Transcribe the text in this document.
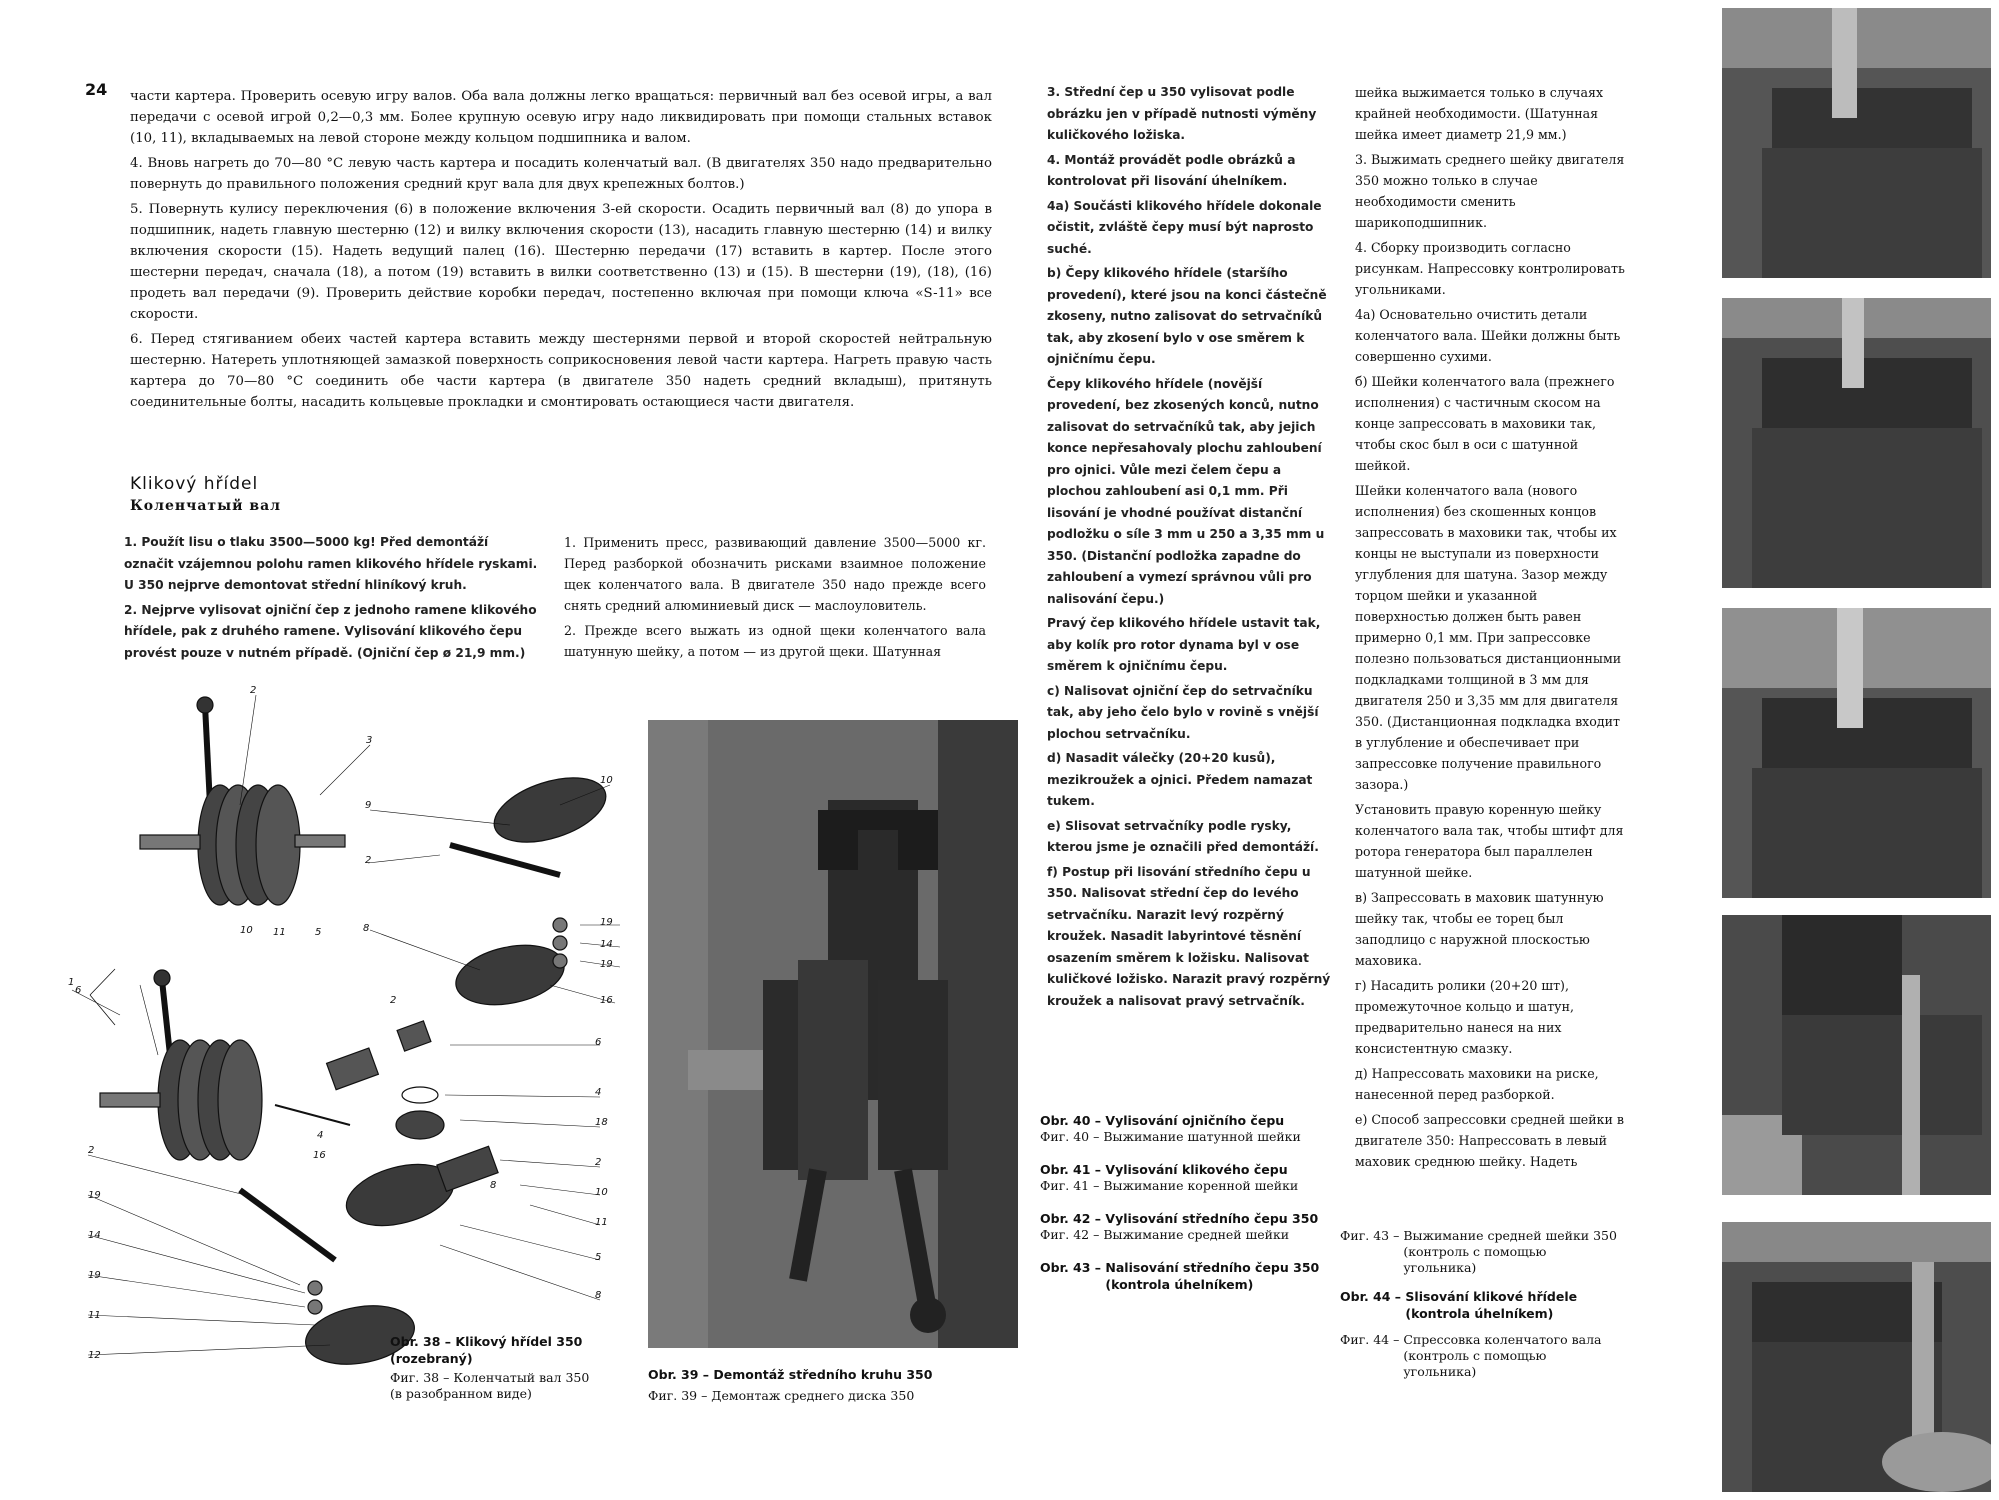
24 части картера. Проверить осевую игру валов. Оба вала должны легко вращаться: первичный вал без осевой игры, а вал передачи с осевой игрой 0,2—0,3 мм. Более крупную осевую игру надо ликвидировать при помощи стальных вставок (10, 11), вкладываемых на левой стороне между кольцом подшипника и валом.

4. Вновь нагреть до 70—80 °C левую часть картера и посадить коленчатый вал. (В двигателях 350 надо предварительно повернуть до правильного положения средний круг вала для двух крепежных болтов.)

5. Повернуть кулису переключения (6) в положение включения 3-ей скорости. Осадить первичный вал (8) до упора в подшипник, надеть главную шестерню (12) и вилку включения скорости (13), насадить главную шестерню (14) и вилку включения скорости (15). Надеть ведущий палец (16). Шестерню передачи (17) вставить в картер. После этого шестерни передач, сначала (18), а потом (19) вставить в вилки соответственно (13) и (15). В шестерни (19), (18), (16) продеть вал передачи (9). Проверить действие коробки передач, постепенно включая при помощи ключа «S-11» все скорости.

6. Перед стягиванием обеих частей картера вставить между шестернями первой и второй скоростей нейтральную шестерню. Натереть уплотняющей замазкой поверхность соприкосновения левой части картера. Нагреть правую часть картера до 70—80 °C соединить обе части картера (в двигателе 350 надеть средний вкладыш), притянуть соединительные болты, насадить кольцевые прокладки и смонтировать остающиеся части двигателя.

Klikový hřídel
Коленчатый вал

1. Použít lisu o tlaku 3500—5000 kg! Před demontáží označit vzájemnou polohu ramen klikového hřídele ryskami. U 350 nejprve demontovat střední hliníkový kruh.

2. Nejprve vylisovat ojniční čep z jednoho ramene klikového hřídele, pak z druhého ramene. Vylisování klikového čepu provést pouze v nutném případě. (Ojniční čep ø 21,9 mm.)

1. Применить пресс, развивающий давление 3500—5000 кг. Перед разборкой обозначить рисками взаимное положение щек коленчатого вала. В двигателе 350 надо прежде всего снять средний алюминиевый диск — маслоуловитель.

2. Прежде всего выжать из одной щеки коленчатого вала шатунную шейку, а потом — из другой щеки. Шатунная

2
3
6
10
9
2
8
19
14
19
16
10 11	5
1
2
6
4
18
2
10
11
5
8
4
8
2	16
19
14
19
11
12
Obr. 38 – Klikový hřídel 350 (rozebraný)
Фиг. 38 – Коленчатый вал 350 (в разобранном виде)
Obr. 39 – Demontáž středního kruhu 350
Фиг. 39 – Демонтаж среднего диска 350

3. Střední čep u 350 vylisovat podle obrázku jen v případě nutnosti výměny kuličkového ložiska.

4. Montáž provádět podle obrázků a kontrolovat při lisování úhelníkem.

4a) Součásti klikového hřídele dokonale očistit, zvláště čepy musí být naprosto suché.

b) Čepy klikového hřídele (staršího provedení), které jsou na konci částečně zkoseny, nutno zalisovat do setrvačníků tak, aby zkosení bylo v ose směrem k ojničnímu čepu.

Čepy klikového hřídele (novější provedení, bez zkosených konců, nutno zalisovat do setrvačníků tak, aby jejich konce nepřesahovaly plochu zahloubení pro ojnici. Vůle mezi čelem čepu a plochou zahloubení asi 0,1 mm. Při lisování je vhodné používat distanční podložku o síle 3 mm u 250 a 3,35 mm u 350. (Distanční podložka zapadne do zahloubení a vymezí správnou vůli pro nalisování čepu.)

Pravý čep klikového hřídele ustavit tak, aby kolík pro rotor dynama byl v ose směrem k ojničnímu čepu.

c) Nalisovat ojniční čep do setrvačníku tak, aby jeho čelo bylo v rovině s vnější plochou setrvačníku.

d) Nasadit válečky (20+20 kusů), mezikroužek a ojnici. Předem namazat tukem.

e) Slisovat setrvačníky podle rysky, kterou jsme je označili před demontáží.

f) Postup při lisování středního čepu u 350. Nalisovat střední čep do levého setrvačníku. Narazit levý rozpěrný kroužek. Nasadit labyrintové těsnění osazením směrem k ložisku. Nalisovat kuličkové ložisko. Narazit pravý rozpěrný kroužek a nalisovat pravý setrvačník.

Obr. 40 – Vylisování ojničního čepu
Фиг. 40 – Выжимание шатунной шейки
Obr. 41 – Vylisování klikového čepu
Фиг. 41 – Выжимание коренной шейки
Obr. 42 – Vylisování středního čepu 350
Фиг. 42 – Выжимание средней шейки
Obr. 43 – Nalisování středního čepu 350 (kontrola úhelníkem)

шейка выжимается только в случаях крайней необходимости. (Шатунная шейка имеет диаметр 21,9 мм.)

3. Выжимать среднего шейку двигателя 350 можно только в случае необходимости сменить шарикоподшипник.

4. Сборку производить согласно рисункам. Напрессовку контролировать угольниками.

4а) Основательно очистить детали коленчатого вала. Шейки должны быть совершенно сухими.

б) Шейки коленчатого вала (прежнего исполнения) с частичным скосом на конце запрессовать в маховики так, чтобы скос был в оси с шатунной шейкой.

Шейки коленчатого вала (нового исполнения) без скошенных концов запрессовать в маховики так, чтобы их концы не выступали из поверхности углубления для шатуна. Зазор между торцом шейки и указанной поверхностью должен быть равен примерно 0,1 мм. При запрессовке полезно пользоваться дистанционными подкладками толщиной в 3 мм для двигателя 250 и 3,35 мм для двигателя 350. (Дистанционная подкладка входит в углубление и обеспечивает при запрессовке получение правильного зазора.)

Установить правую коренную шейку коленчатого вала так, чтобы штифт для ротора генератора был параллелен шатунной шейке.

в) Запрессовать в маховик шатунную шейку так, чтобы ее торец был заподлицо с наружной плоскостью маховика.

г) Насадить ролики (20+20 шт), промежуточное кольцо и шатун, предварительно нанеся на них консистентную смазку.

д) Напрессовать маховики на риске, нанесенной перед разборкой.

е) Способ запрессовки средней шейки в двигателе 350: Напрессовать в левый маховик среднюю шейку. Надеть

Фиг. 43 – Выжимание средней шейки 350 (контроль с помощью угольника)
Obr. 44 – Slisování klikové hřídele (kontrola úhelníkem)
Фиг. 44 – Спрессовка коленчатого вала (контроль с помощью угольника)
